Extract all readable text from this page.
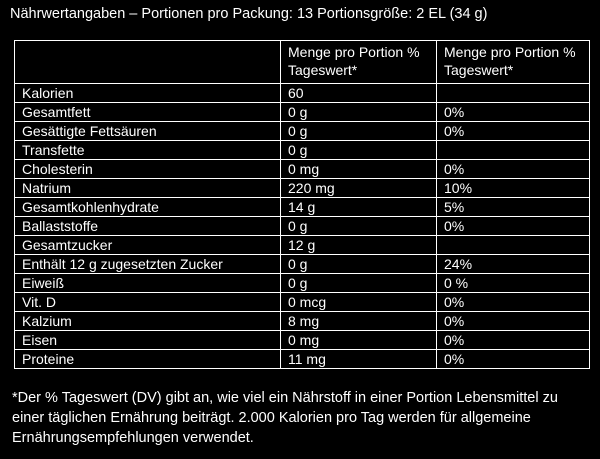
Nährwertangaben – Portionen pro Packung: 13 Portionsgröße: 2 EL (34 g)
	Menge pro Portion % Tageswert*	Menge pro Portion % Tageswert*
Kalorien	60	
Gesamtfett	0 g	0%
Gesättigte Fettsäuren	0 g	0%
Transfette	0 g	
Cholesterin	0 mg	0%
Natrium	220 mg	10%
Gesamtkohlenhydrate	14 g	5%
Ballaststoffe	0 g	0%
Gesamtzucker	12 g	
Enthält 12 g zugesetzten Zucker	0 g	24%
Eiweiß	0 g	0 %
Vit. D	0 mcg	0%
Kalzium	8 mg	0%
Eisen	0 mg	0%
Proteine	11 mg	0%
*Der % Tageswert (DV) gibt an, wie viel ein Nährstoff in einer Portion Lebensmittel zu einer täglichen Ernährung beiträgt. 2.000 Kalorien pro Tag werden für allgemeine Ernährungsempfehlungen verwendet.
